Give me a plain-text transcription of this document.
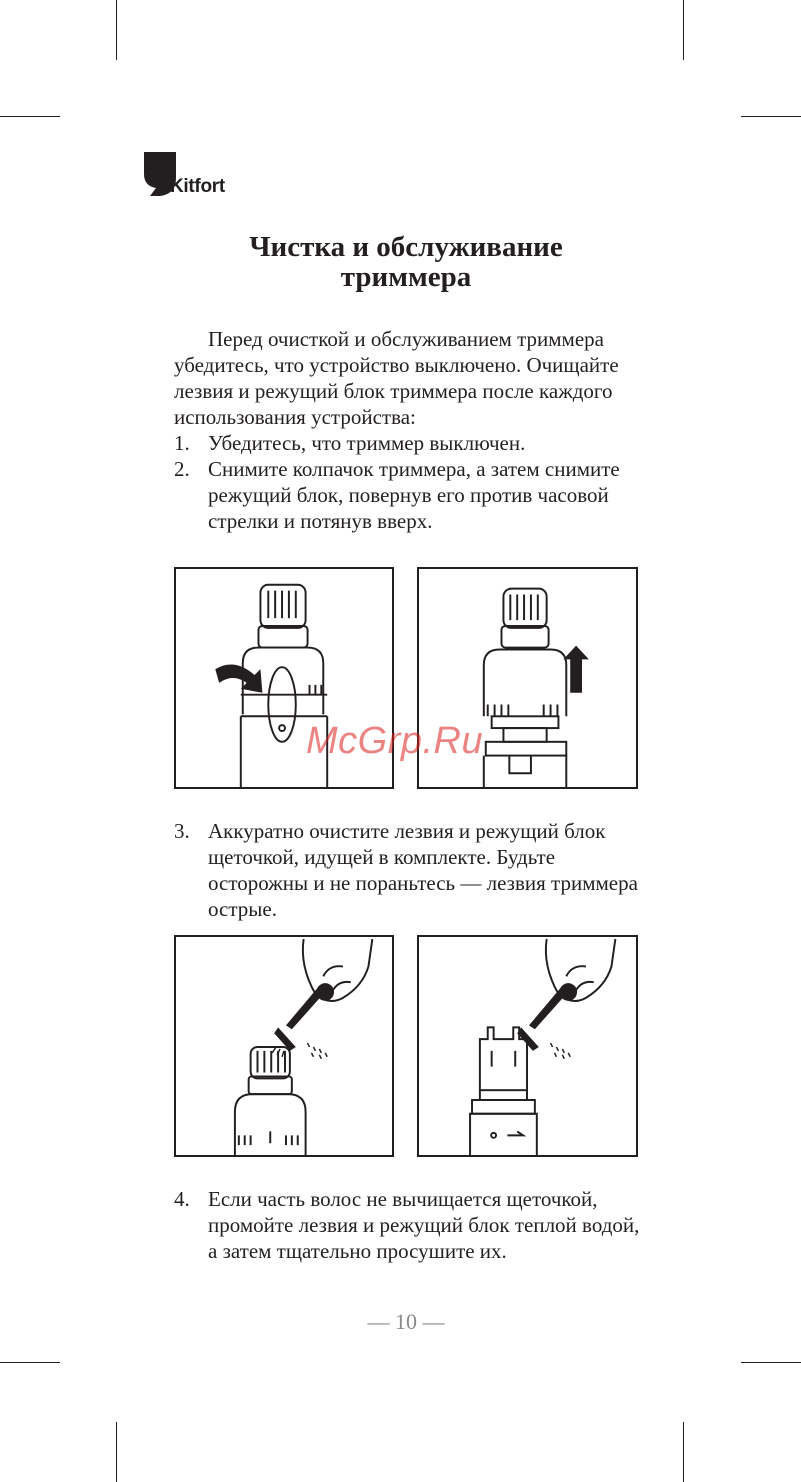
Kitfort
Чистка и обслуживание
триммера

Перед очисткой и обслуживанием триммера убедитесь, что устройство выключено. Очищайте лезвия и режущий блок триммера после каждого использования устройства:

1. Убедитесь, что триммер выключен.

2. Снимите колпачок триммера, а затем снимите режущий блок, повернув его против часовой стрелки и потянув вверх.

McGrp.Ru

3. Аккуратно очистите лезвия и режущий блок щеточкой, идущей в комплекте. Будьте осторожны и не пораньтесь — лезвия триммера острые.

4. Если часть волос не вычищается щеточкой, промойте лезвия и режущий блок теплой водой, а затем тщательно просушите их.

— 10 —
